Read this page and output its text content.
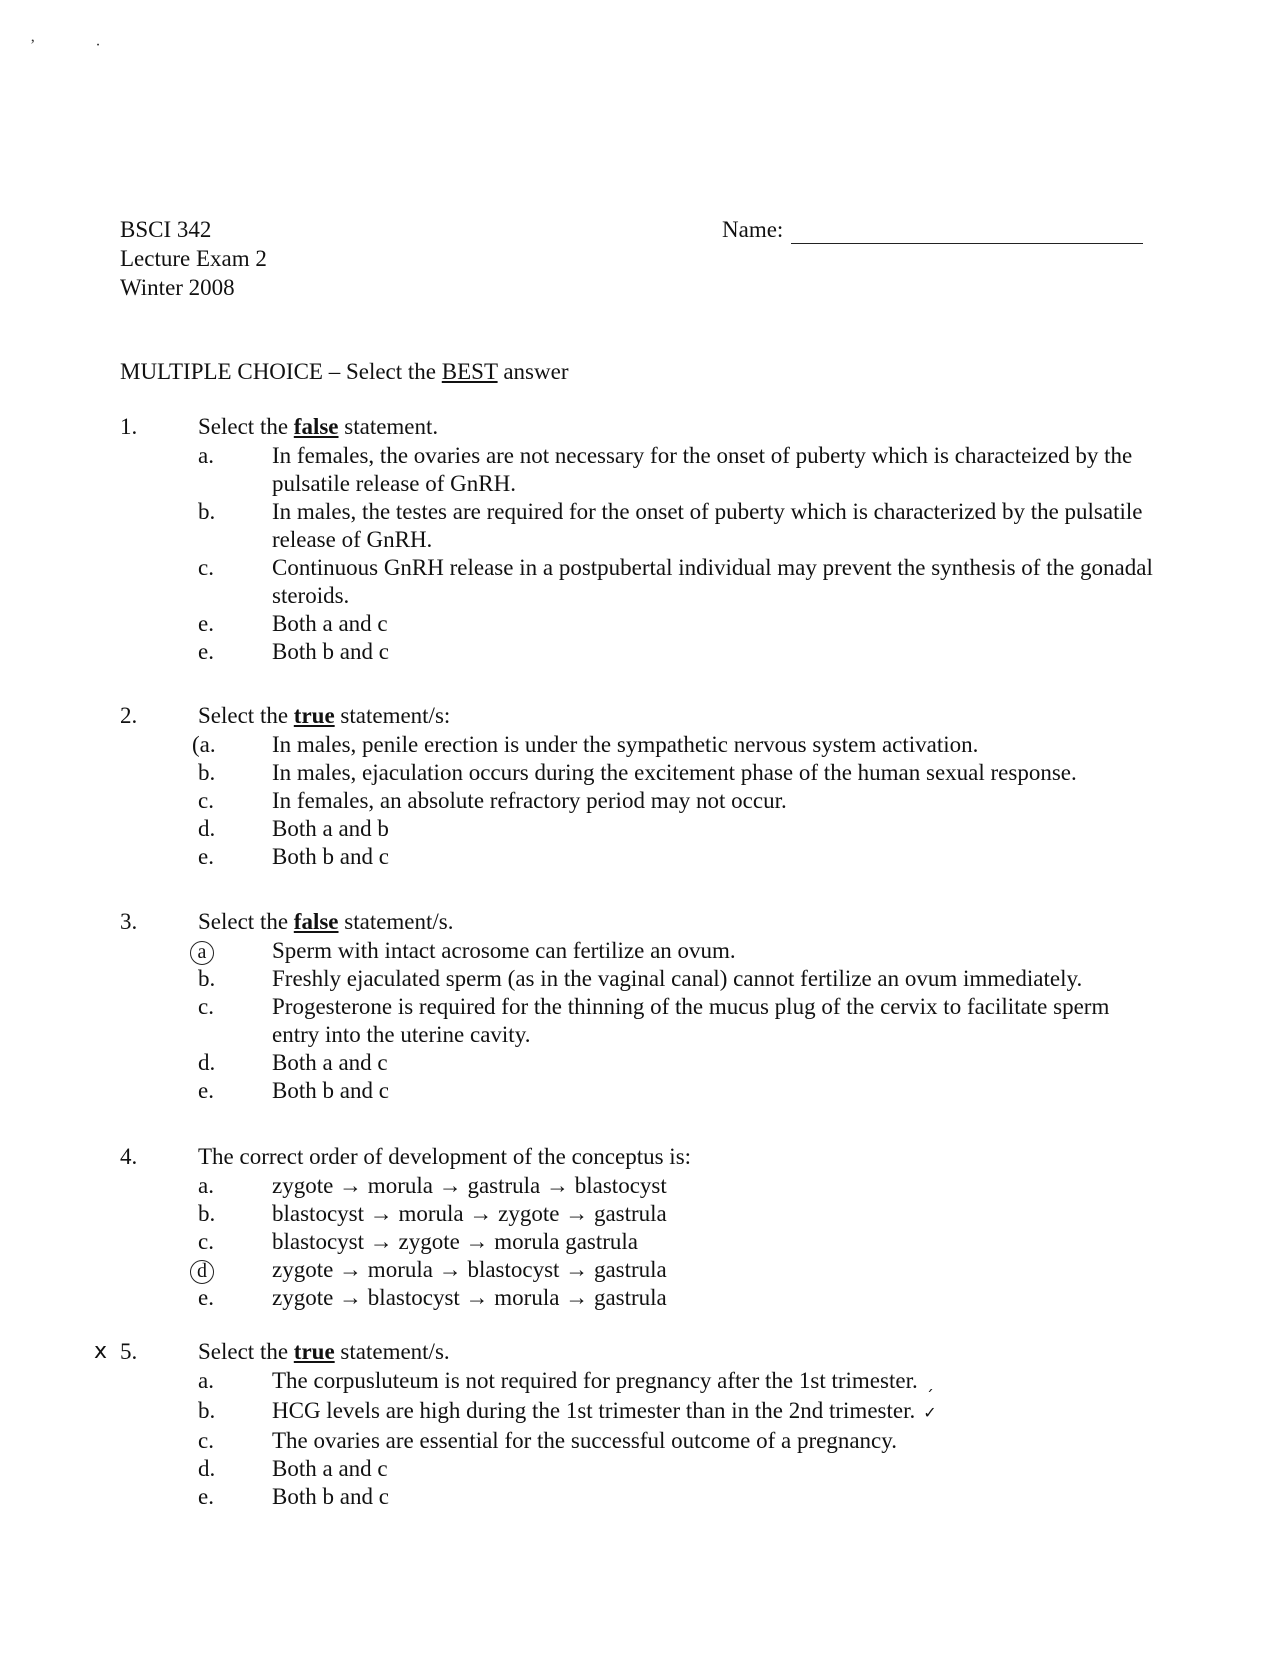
’·
BSCI 342
Lecture Exam 2
Winter 2008
Name:
MULTIPLE CHOICE – Select the BEST answer
1.	Select the false statement.
a.	In females, the ovaries are not necessary for the onset of puberty which is characteized by the pulsatile release of GnRH.
b.	In males, the testes are required for the onset of puberty which is characterized by the pulsatile release of GnRH.
c.	Continuous GnRH release in a postpubertal individual may prevent the synthesis of the gonadal steroids.
e.	Both a and c
e.	Both b and c
2.	Select the true statement/s:
(a.	In males, penile erection is under the sympathetic nervous system activation.
b.	In males, ejaculation occurs during the excitement phase of the human sexual response.
c.	In females, an absolute refractory period may not occur.
d.	Both a and b
e.	Both b and c
3.	Select the false statement/s.
a	Sperm with intact acrosome can fertilize an ovum.
b.	Freshly ejaculated sperm (as in the vaginal canal) cannot fertilize an ovum immediately.
c.	Progesterone is required for the thinning of the mucus plug of the cervix to facilitate sperm entry into the uterine cavity.
d.	Both a and c
e.	Both b and c
4.	The correct order of development of the conceptus is:
a.	zygote → morula → gastrula → blastocyst
b.	blastocyst → morula → zygote → gastrula
c.	blastocyst → zygote → morula gastrula
d	zygote → morula → blastocyst → gastrula
e.	zygote → blastocyst → morula → gastrula
x 5.	Select the true statement/s.
a.	The corpusluteum is not required for pregnancy after the 1st trimester. ˏ
b.	HCG levels are high during the 1st trimester than in the 2nd trimester. ✓
c.	The ovaries are essential for the successful outcome of a pregnancy.
d.	Both a and c
e.	Both b and c
